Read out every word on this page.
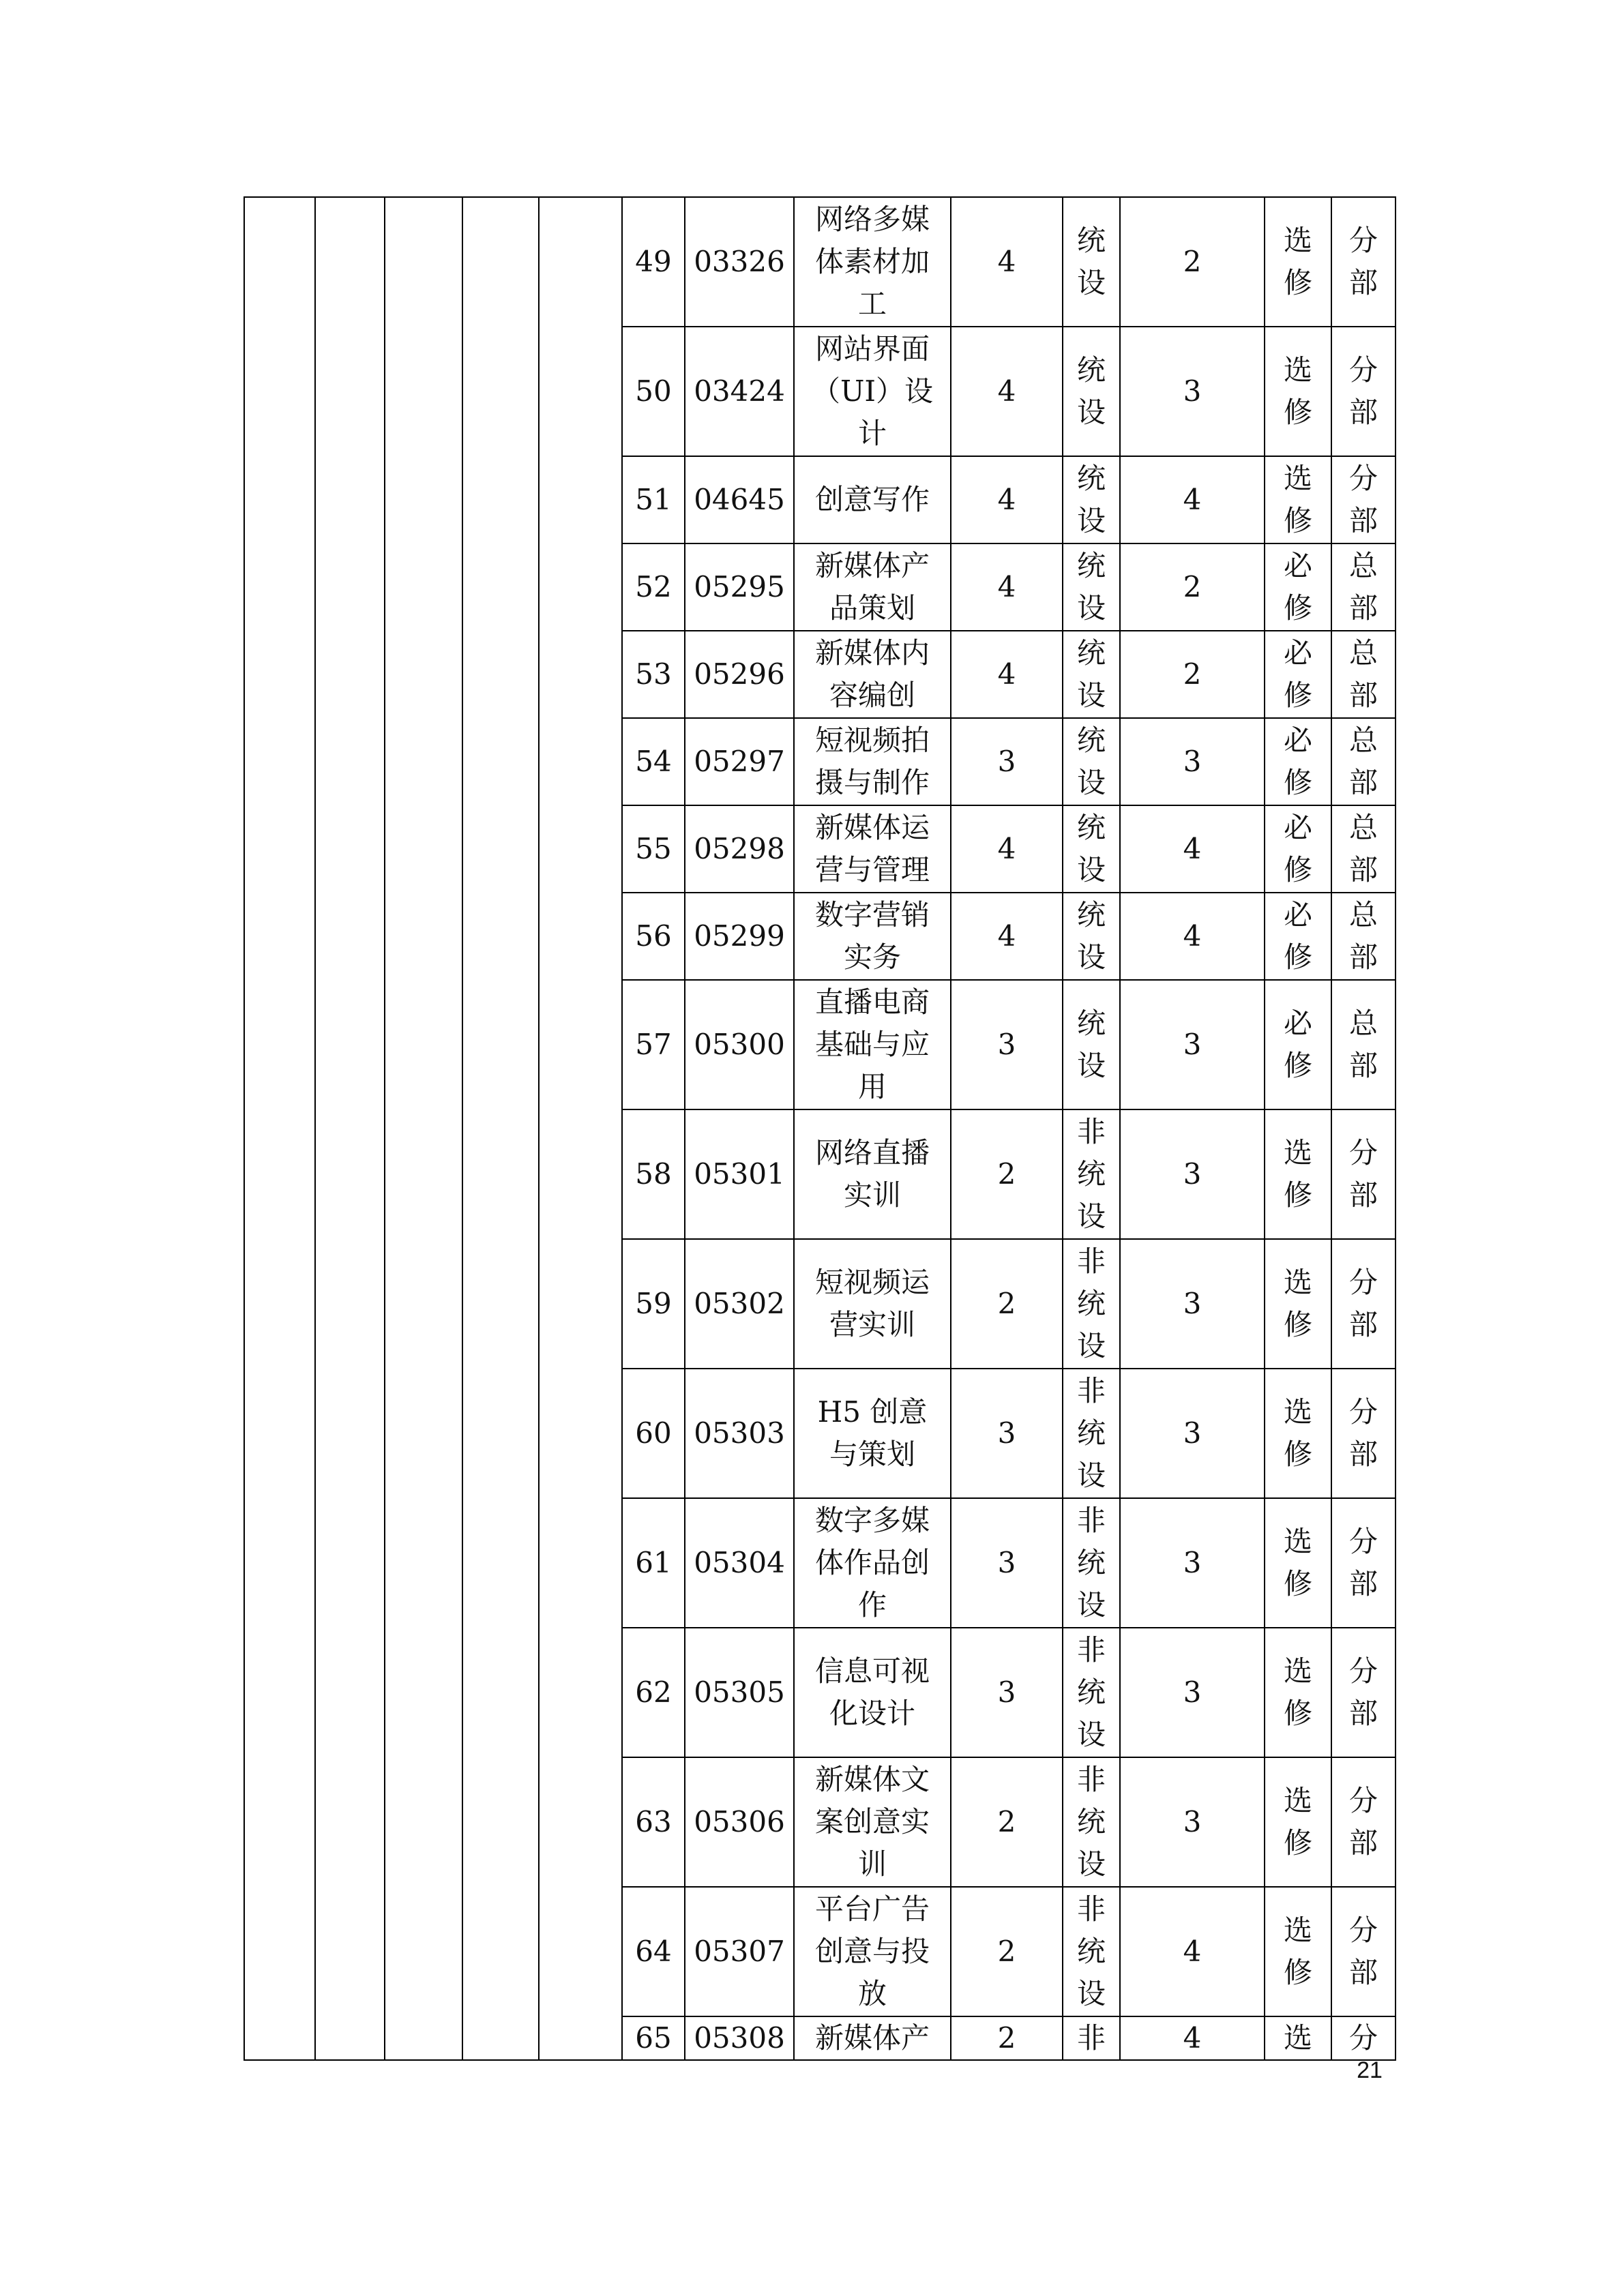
					49	03326	网络多媒
体素材加
工	4	统
设	2	选
修	分
部

					50	03424	网站界面
（UI）设
计	4	统
设	3	选
修	分
部

					51	04645	创意写作	4	统
设	4	选
修	分
部

					52	05295	新媒体产
品策划	4	统
设	2	必
修	总
部

					53	05296	新媒体内
容编创	4	统
设	2	必
修	总
部

					54	05297	短视频拍
摄与制作	3	统
设	3	必
修	总
部

					55	05298	新媒体运
营与管理	4	统
设	4	必
修	总
部

					56	05299	数字营销
实务	4	统
设	4	必
修	总
部

					57	05300	直播电商
基础与应
用	3	统
设	3	必
修	总
部

					58	05301	网络直播
实训	2	非
统
设	3	选
修	分
部

					59	05302	短视频运
营实训	2	非
统
设	3	选
修	分
部

					60	05303	H5 创意
与策划	3	非
统
设	3	选
修	分
部

					61	05304	数字多媒
体作品创
作	3	非
统
设	3	选
修	分
部

					62	05305	信息可视
化设计	3	非
统
设	3	选
修	分
部

					63	05306	新媒体文
案创意实
训	2	非
统
设	3	选
修	分
部

					64	05307	平台广告
创意与投
放	2	非
统
设	4	选
修	分
部

					65	05308	新媒体产	2	非	4	选	分
21
